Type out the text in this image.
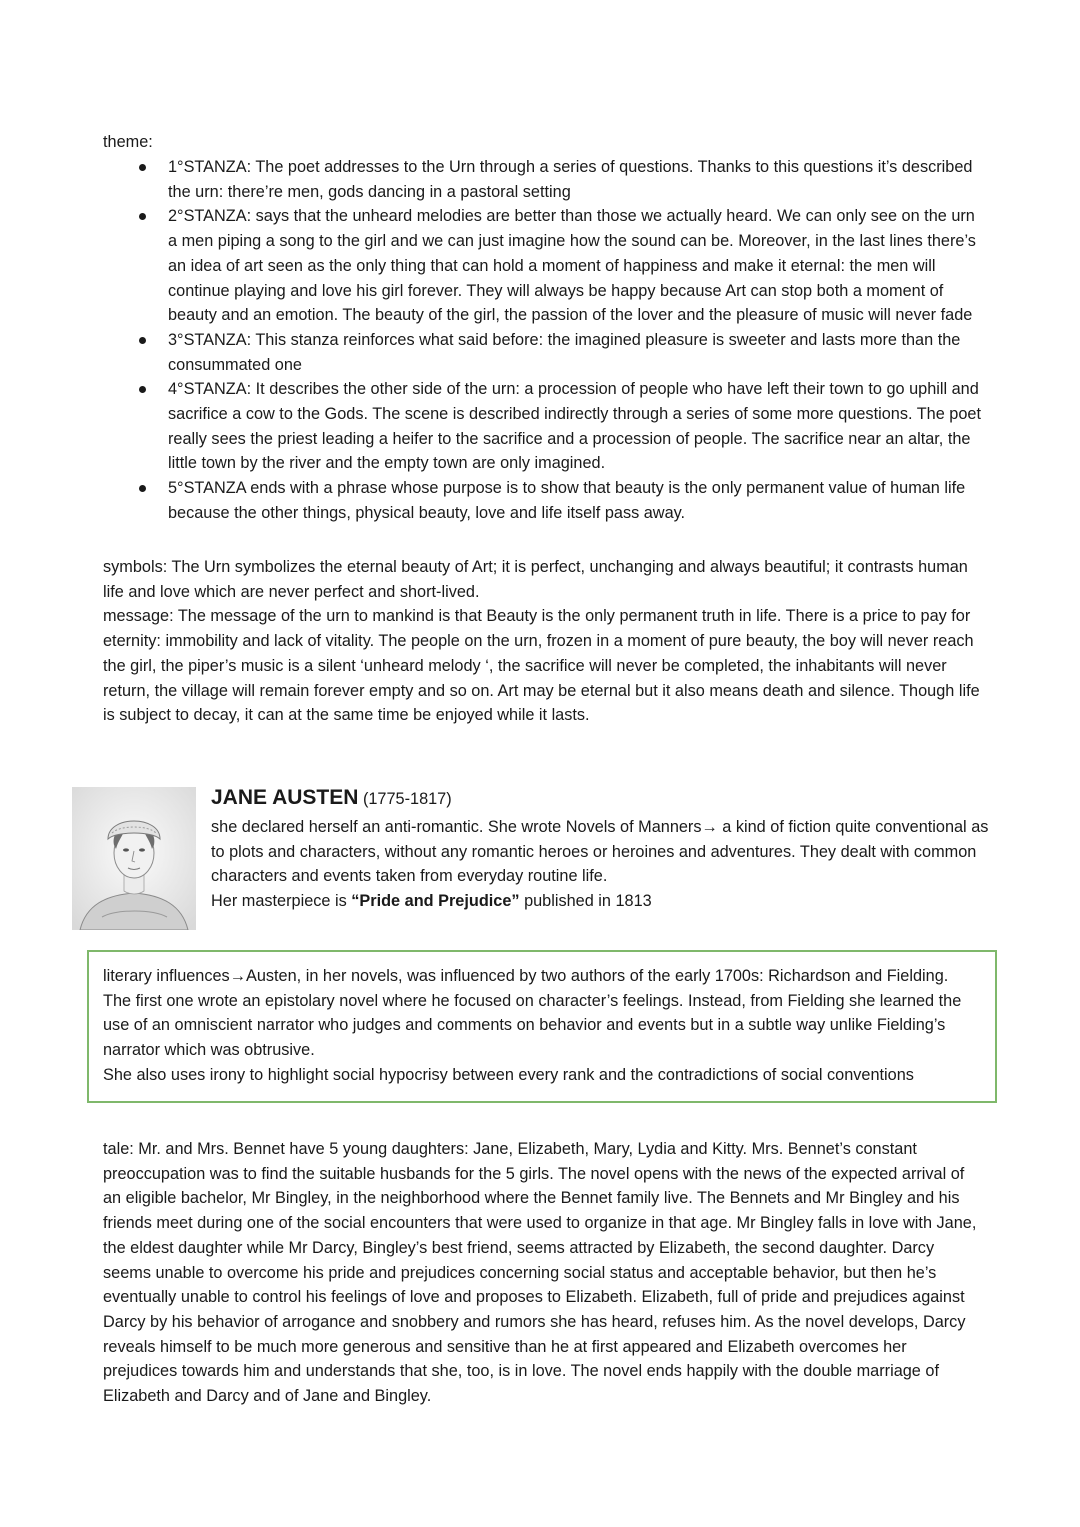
theme:

1°STANZA: The poet addresses to the Urn through a series of questions. Thanks to this questions it’s described the urn: there’re men, gods dancing in a pastoral setting
2°STANZA: says that the unheard melodies are better than those we actually heard. We can only see on the urn a men piping a song to the girl and we can just imagine how the sound can be. Moreover, in the last lines there’s an idea of art seen as the only thing that can hold a moment of happiness and make it eternal: the men will continue playing and love his girl forever. They will always be happy because Art can stop both a moment of beauty and an emotion. The beauty of the girl, the passion of the lover and the pleasure of music will never fade
3°STANZA: This stanza reinforces what said before: the imagined pleasure is sweeter and lasts more than the consummated one
4°STANZA: It describes the other side of the urn: a procession of people who have left their town to go uphill and sacrifice a cow to the Gods. The scene is described indirectly through a series of some more questions. The poet really sees the priest leading a heifer to the sacrifice and a procession of people. The sacrifice near an altar, the little town by the river and the empty town are only imagined.
5°STANZA ends with a phrase whose purpose is to show that beauty is the only permanent value of human life because the other things, physical beauty, love and life itself pass away.

symbols: The Urn symbolizes the eternal beauty of Art; it is perfect, unchanging and always beautiful; it contrasts human life and love which are never perfect and short-lived.

message: The message of the urn to mankind is that Beauty is the only permanent truth in life. There is a price to pay for eternity: immobility and lack of vitality. The people on the urn, frozen in a moment of pure beauty, the boy will never reach the girl, the piper’s music is a silent ‘unheard melody ‘, the sacrifice will never be completed, the inhabitants will never return, the village will remain forever empty and so on. Art may be eternal but it also means death and silence. Though life is subject to decay, it can at the same time be enjoyed while it lasts.

JANE AUSTEN (1775-1817)

she declared herself an anti-romantic. She wrote Novels of Manners→ a kind of fiction quite conventional as to plots and characters, without any romantic heroes or heroines and adventures. They dealt with common characters and events taken from everyday routine life.

Her masterpiece is “Pride and Prejudice” published in 1813

literary influences→Austen, in her novels, was influenced by two authors of the early 1700s: Richardson and Fielding. The first one wrote an epistolary novel where he focused on character’s feelings. Instead, from Fielding she learned the use of an omniscient narrator who judges and comments on behavior and events but in a subtle way unlike Fielding’s narrator which was obtrusive.

She also uses irony to highlight social hypocrisy between every rank and the contradictions of social conventions

tale: Mr. and Mrs. Bennet have 5 young daughters: Jane, Elizabeth, Mary, Lydia and Kitty. Mrs. Bennet’s constant preoccupation was to find the suitable husbands for the 5 girls. The novel opens with the news of the expected arrival of an eligible bachelor, Mr Bingley, in the neighborhood where the Bennet family live. The Bennets and Mr Bingley and his friends meet during one of the social encounters that were used to organize in that age. Mr Bingley falls in love with Jane, the eldest daughter while Mr Darcy, Bingley’s best friend, seems attracted by Elizabeth, the second daughter. Darcy seems unable to overcome his pride and prejudices concerning social status and acceptable behavior, but then he’s eventually unable to control his feelings of love and proposes to Elizabeth. Elizabeth, full of pride and prejudices against Darcy by his behavior of arrogance and snobbery and rumors she has heard, refuses him. As the novel develops, Darcy reveals himself to be much more generous and sensitive than he at first appeared and Elizabeth overcomes her prejudices towards him and understands that she, too, is in love. The novel ends happily with the double marriage of Elizabeth and Darcy and of Jane and Bingley.
